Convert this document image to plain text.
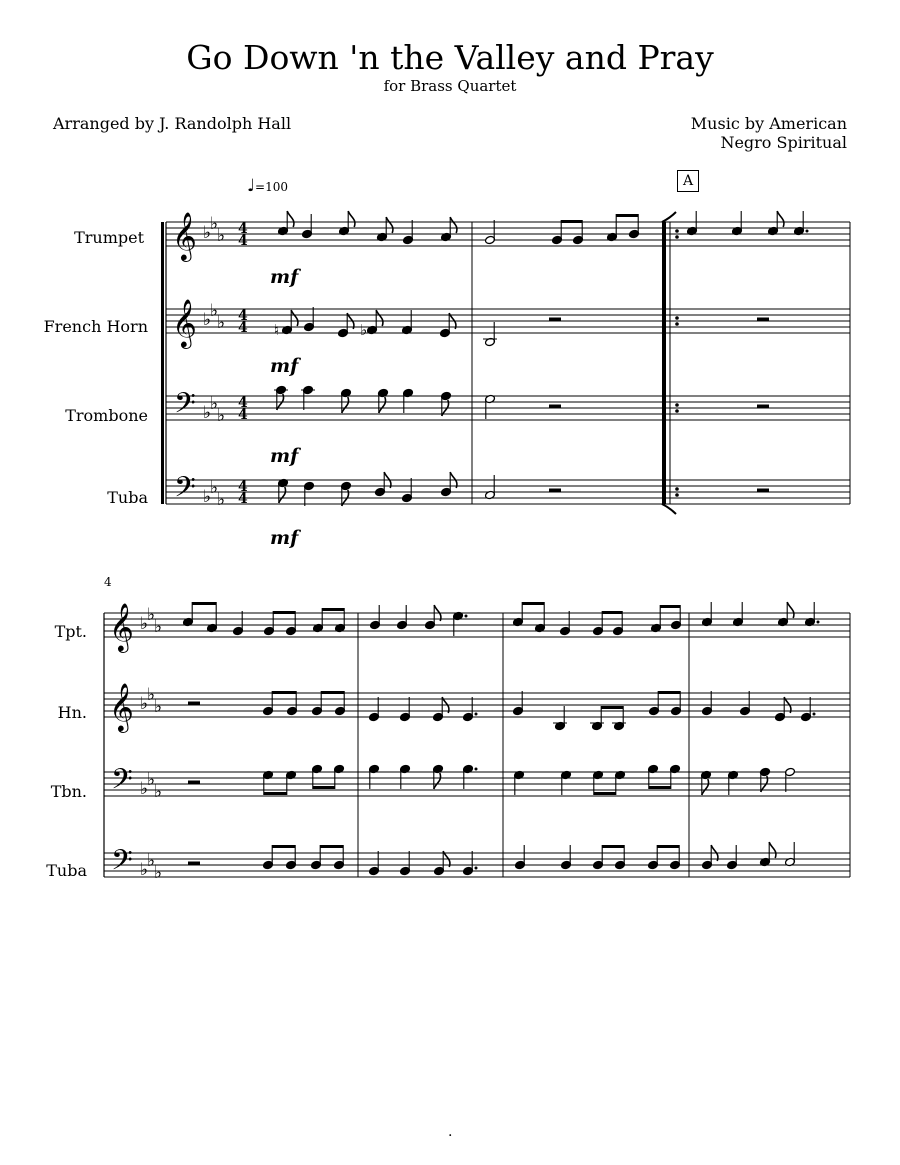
Go Down 'n the Valley and Pray
for Brass Quartet
Arranged by J. Randolph Hall	Music by American
Negro Spiritual
♩=100	A
Trumpet
French Horn
Trombone
Tuba
mf
mf
mf
mf
4
Tpt.
Hn.
Tbn.
Tuba
.
𝄞
𝄞
𝄢
𝄢
♭
♭
♭
♭
♭
♭
♭
♭
♭
♭
♭
♭
4
4
4
4
4
4
4
4
♮	♭
𝄞
𝄞
𝄢
𝄢
♭
♭
♭
♭
♭
♭
♭
♭
♭
♭
♭
♭
